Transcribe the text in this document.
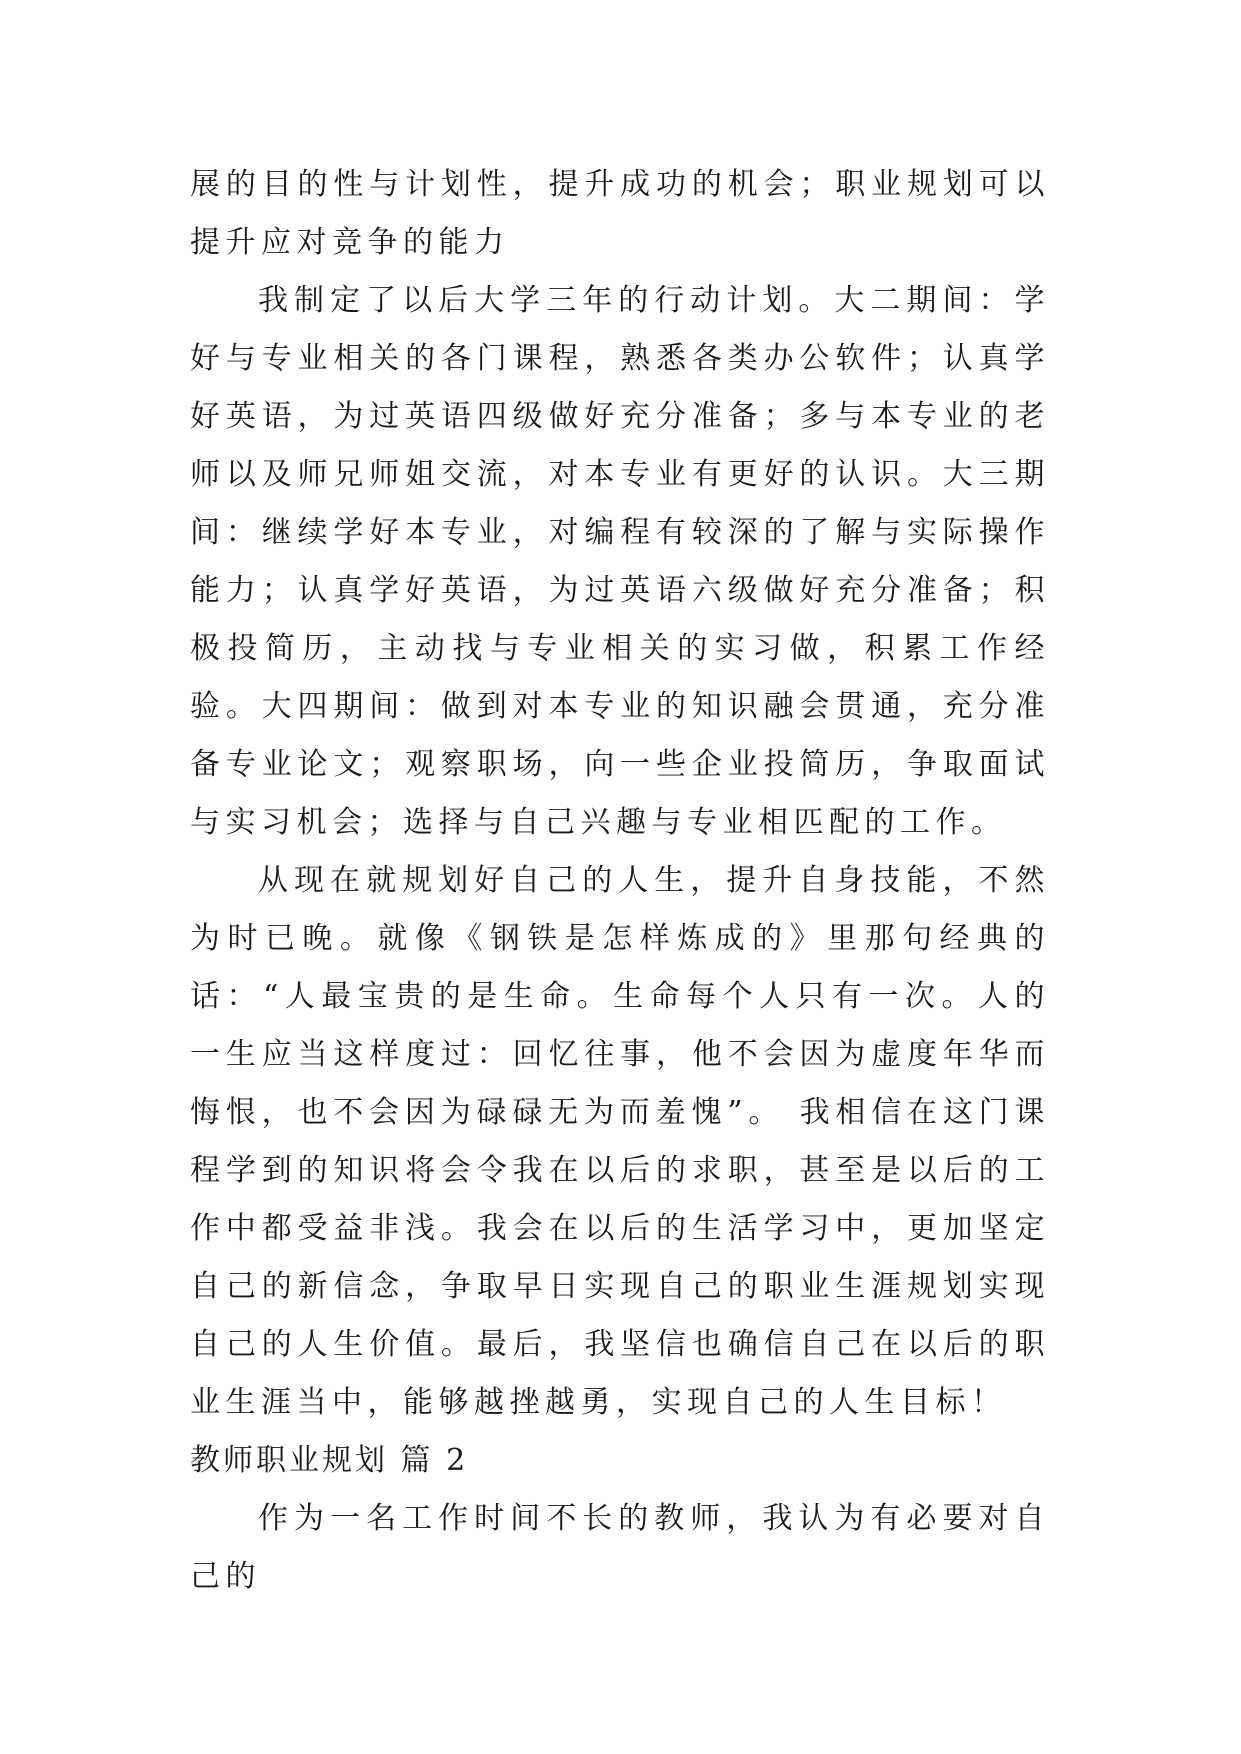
展的目的性与计划性，提升成功的机会；职业规划可以提升应对竞争的能力

我制定了以后大学三年的行动计划。大二期间：学好与专业相关的各门课程，熟悉各类办公软件；认真学好英语，为过英语四级做好充分准备；多与本专业的老师以及师兄师姐交流，对本专业有更好的认识。大三期间：继续学好本专业，对编程有较深的了解与实际操作能力；认真学好英语，为过英语六级做好充分准备；积极投简历，主动找与专业相关的实习做，积累工作经验。大四期间：做到对本专业的知识融会贯通，充分准备专业论文；观察职场，向一些企业投简历，争取面试与实习机会；选择与自己兴趣与专业相匹配的工作。

从现在就规划好自己的人生，提升自身技能，不然为时已晚。就像《钢铁是怎样炼成的》里那句经典的话：“人最宝贵的是生命。生命每个人只有一次。人的一生应当这样度过：回忆往事，他不会因为虚度年华而悔恨，也不会因为碌碌无为而羞愧”。 我相信在这门课程学到的知识将会令我在以后的求职，甚至是以后的工作中都受益非浅。我会在以后的生活学习中，更加坚定自己的新信念，争取早日实现自己的职业生涯规划实现自己的人生价值。最后，我坚信也确信自己在以后的职业生涯当中，能够越挫越勇，实现自己的人生目标！

教师职业规划 篇 2

作为一名工作时间不长的教师，我认为有必要对自己的
